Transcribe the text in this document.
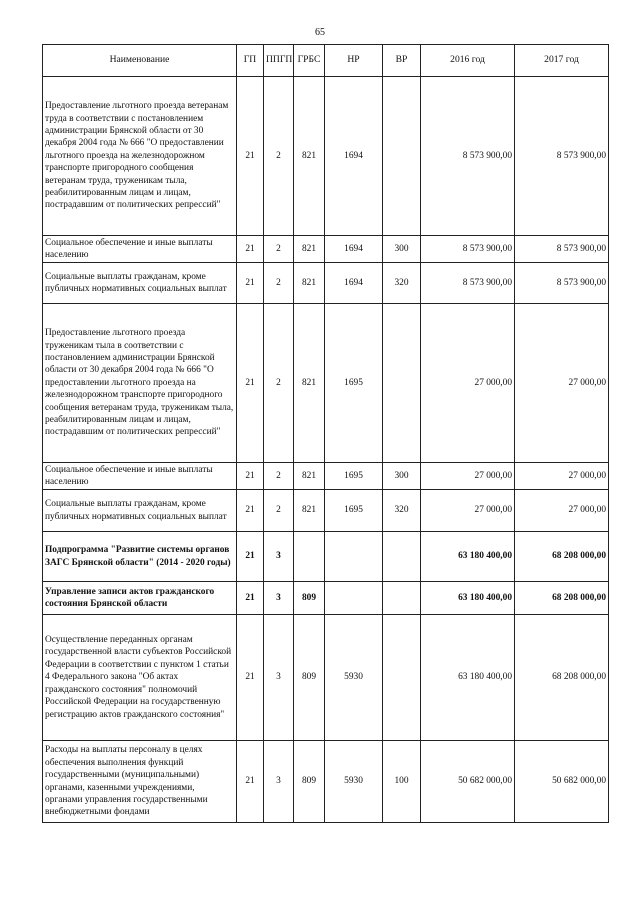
65
Наименование	ГП	ППГП	ГРБС	НР	ВР	2016 год	2017 год
Предоставление льготного проезда ветеранам труда в соответствии с постановлением администрации Брянской области от 30 декабря 2004 года № 666 "О предоставлении льготного проезда на железнодорожном транспорте пригородного сообщения ветеранам труда, труженикам тыла, реабилитированным лицам и лицам, пострадавшим от политических репрессий"	21	2	821	1694		8 573 900,00	8 573 900,00
Социальное обеспечение и иные выплаты населению	21	2	821	1694	300	8 573 900,00	8 573 900,00
Социальные выплаты гражданам, кроме публичных нормативных социальных выплат	21	2	821	1694	320	8 573 900,00	8 573 900,00
Предоставление льготного проезда труженикам тыла в соответствии с постановлением администрации Брянской области от 30 декабря 2004 года № 666 "О предоставлении льготного проезда на железнодорожном транспорте пригородного сообщения ветеранам труда, труженикам тыла, реабилитированным лицам и лицам, пострадавшим от политических репрессий"	21	2	821	1695		27 000,00	27 000,00
Социальное обеспечение и иные выплаты населению	21	2	821	1695	300	27 000,00	27 000,00
Социальные выплаты гражданам, кроме публичных нормативных социальных выплат	21	2	821	1695	320	27 000,00	27 000,00
Подпрограмма "Развитие системы органов ЗАГС Брянской области" (2014 - 2020 годы)	21	3				63 180 400,00	68 208 000,00
Управление записи актов гражданского состояния Брянской области	21	3	809			63 180 400,00	68 208 000,00
Осуществление переданных органам государственной власти субъектов Российской Федерации в соответствии с пунктом 1 статьи 4 Федерального закона "Об актах гражданского состояния" полномочий Российской Федерации на государственную регистрацию актов гражданского состояния"	21	3	809	5930		63 180 400,00	68 208 000,00
Расходы на выплаты персоналу в целях обеспечения выполнения функций государственными (муниципальными) органами, казенными учреждениями, органами управления государственными внебюджетными фондами	21	3	809	5930	100	50 682 000,00	50 682 000,00
